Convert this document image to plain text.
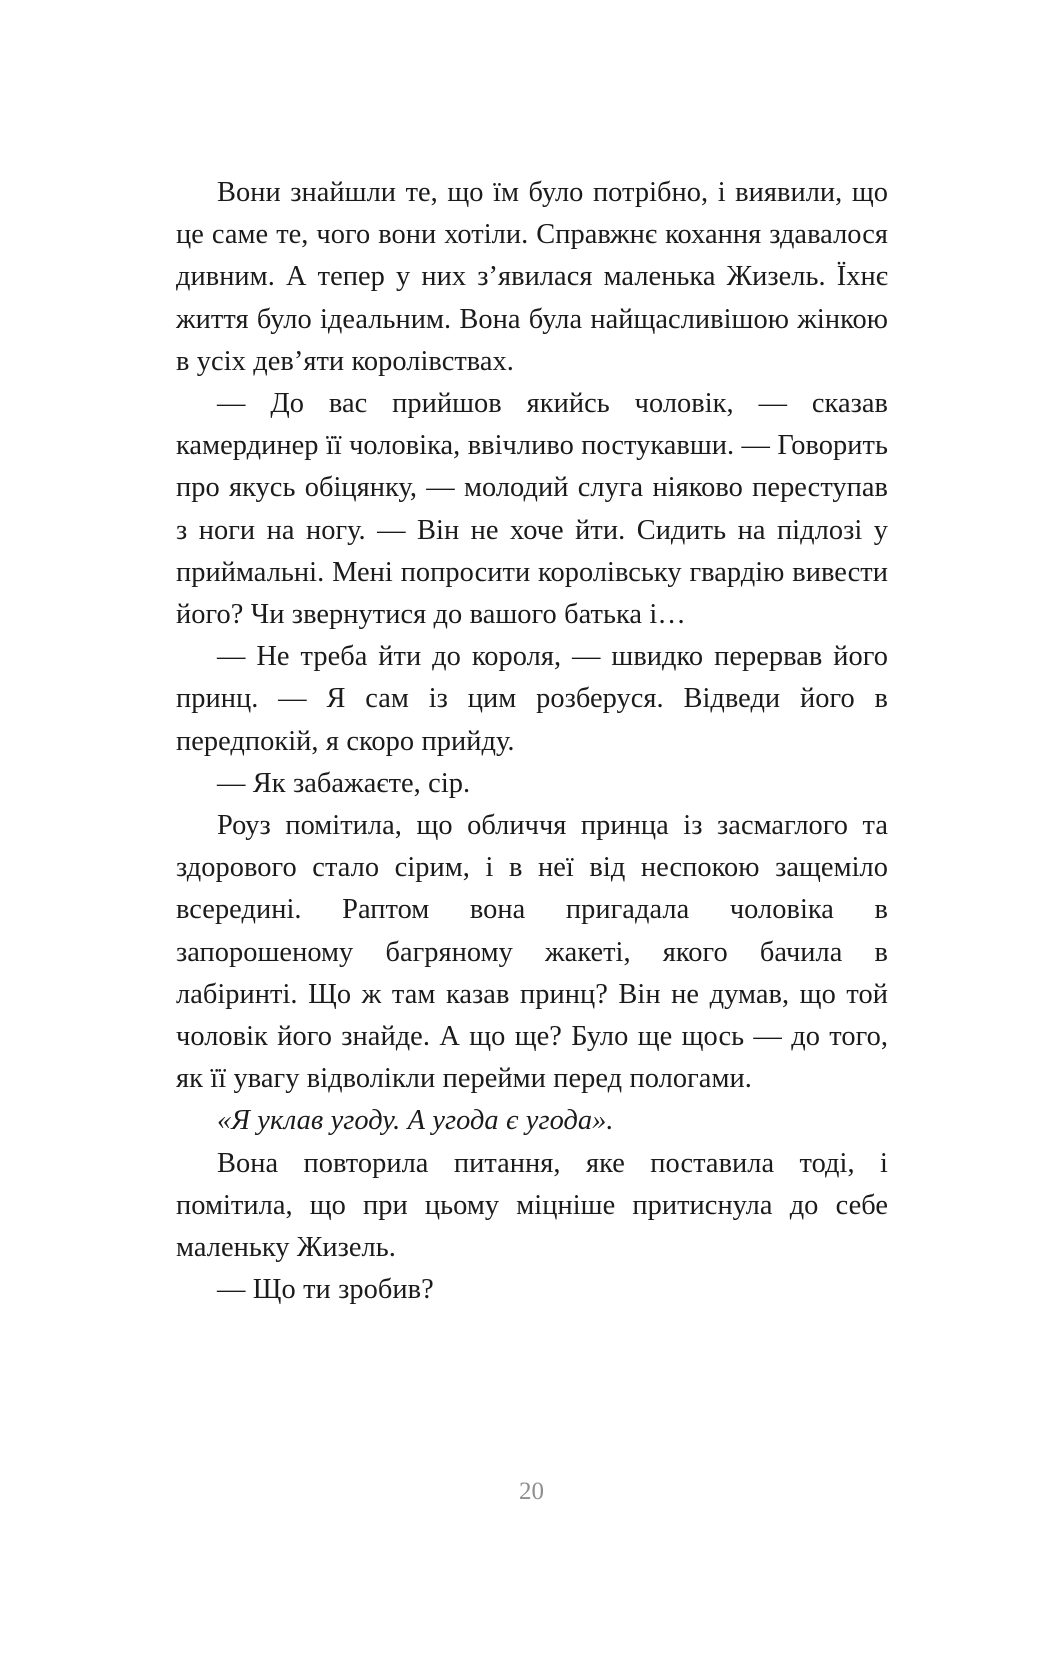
Вони знайшли те, що їм було потрібно, і виявили, що це саме те, чого вони хотіли. Справжнє кохання здавалося дивним. А тепер у них з’явилася маленька Жизель. Їхнє життя було ідеальним. Вона була найщасливішою жінкою в усіх дев’яти королівствах.

— До вас прийшов якийсь чоловік, — сказав камердинер її чоловіка, ввічливо постукавши. — Говорить про якусь обіцянку, — молодий слуга ніяково переступав з ноги на ногу. — Він не хоче йти. Сидить на підлозі у приймальні. Мені попросити королівську гвардію вивести його? Чи звернутися до вашого батька і…

— Не треба йти до короля, — швидко перервав його принц. — Я сам із цим розберуся. Відведи його в передпокій, я скоро прийду.

— Як забажаєте, сір.

Роуз помітила, що обличчя принца із засмаглого та здорового стало сірим, і в неї від неспокою защеміло всередині. Раптом вона пригадала чоловіка в запорошеному багряному жакеті, якого бачила в лабіринті. Що ж там казав принц? Він не думав, що той чоловік його знайде. А що ще? Було ще щось — до того, як її увагу відволікли перейми перед пологами.

«Я уклав угоду. А угода є угода».

Вона повторила питання, яке поставила тоді, і помітила, що при цьому міцніше притиснула до себе маленьку Жизель.

— Що ти зробив?

20
